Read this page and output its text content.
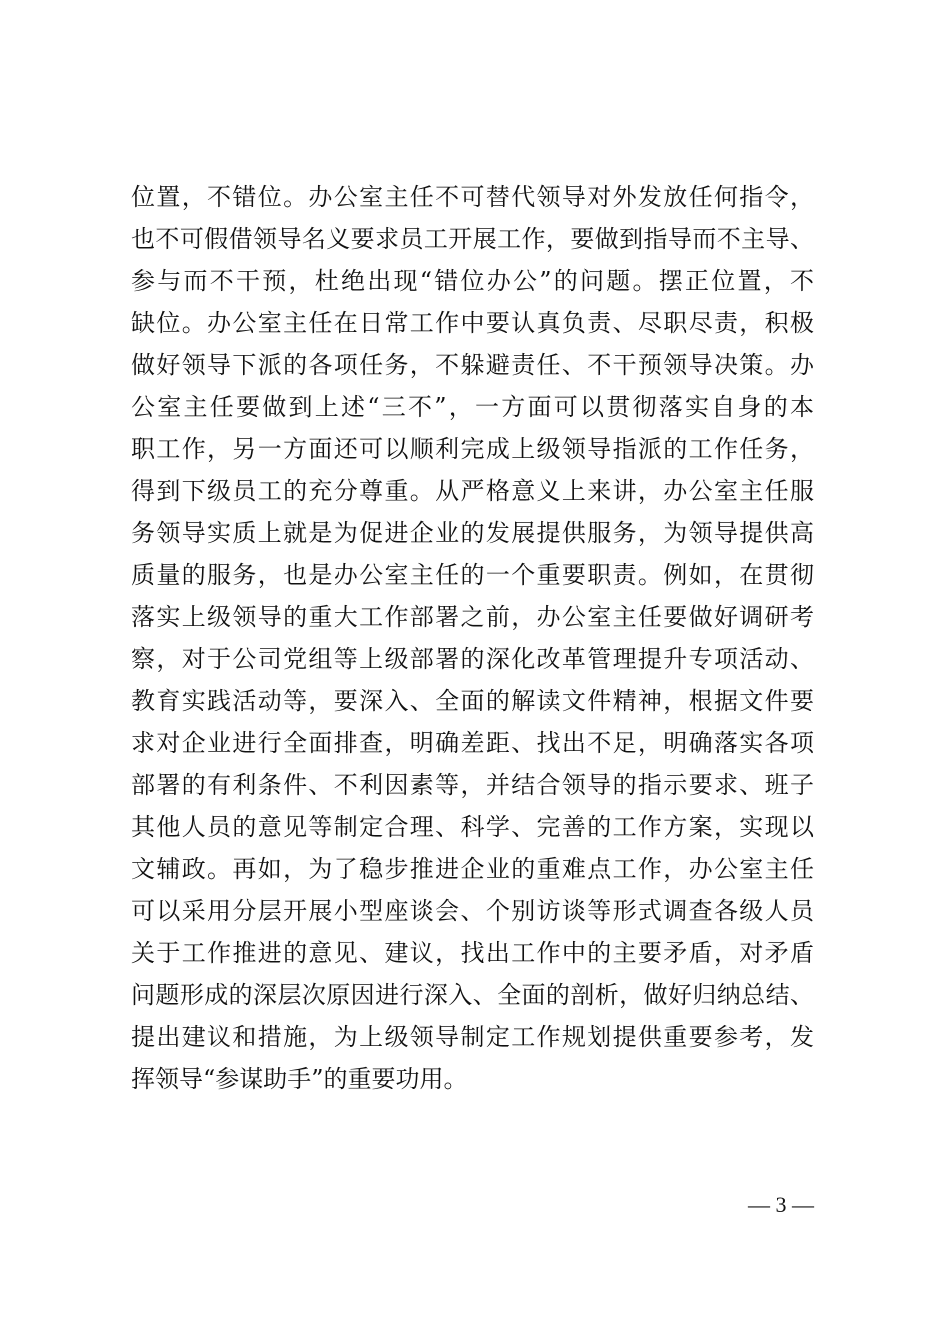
位置，不错位。办公室主任不可替代领导对外发放任何指令，
也不可假借领导名义要求员工开展工作，要做到指导而不主导、
参与而不干预，杜绝出现“错位办公”的问题。摆正位置，不
缺位。办公室主任在日常工作中要认真负责、尽职尽责，积极
做好领导下派的各项任务，不躲避责任、不干预领导决策。办
公室主任要做到上述“三不”，一方面可以贯彻落实自身的本
职工作，另一方面还可以顺利完成上级领导指派的工作任务，
得到下级员工的充分尊重。从严格意义上来讲，办公室主任服
务领导实质上就是为促进企业的发展提供服务，为领导提供高
质量的服务，也是办公室主任的一个重要职责。例如，在贯彻
落实上级领导的重大工作部署之前，办公室主任要做好调研考
察，对于公司党组等上级部署的深化改革管理提升专项活动、
教育实践活动等，要深入、全面的解读文件精神，根据文件要
求对企业进行全面排查，明确差距、找出不足，明确落实各项
部署的有利条件、不利因素等，并结合领导的指示要求、班子
其他人员的意见等制定合理、科学、完善的工作方案，实现以
文辅政。再如，为了稳步推进企业的重难点工作，办公室主任
可以采用分层开展小型座谈会、个别访谈等形式调查各级人员
关于工作推进的意见、建议，找出工作中的主要矛盾，对矛盾
问题形成的深层次原因进行深入、全面的剖析，做好归纳总结、
提出建议和措施，为上级领导制定工作规划提供重要参考，发
挥领导“参谋助手”的重要功用。
— 3 —
